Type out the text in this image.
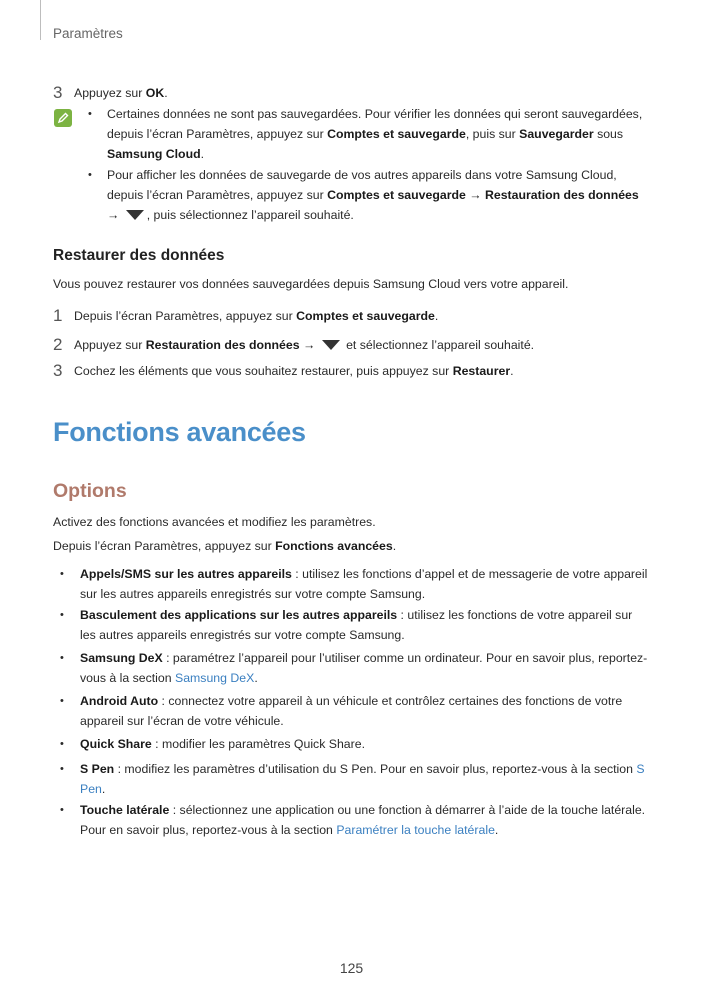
Paramètres
3 Appuyez sur OK.
• Certaines données ne sont pas sauvegardées. Pour vérifier les données qui seront sauvegardées, depuis l’écran Paramètres, appuyez sur Comptes et sauvegarde, puis sur Sauvegarder sous Samsung Cloud.
• Pour afficher les données de sauvegarde de vos autres appareils dans votre Samsung Cloud, depuis l’écran Paramètres, appuyez sur Comptes et sauvegarde → Restauration des données → , puis sélectionnez l’appareil souhaité.
Restaurer des données
Vous pouvez restaurer vos données sauvegardées depuis Samsung Cloud vers votre appareil.
1 Depuis l’écran Paramètres, appuyez sur Comptes et sauvegarde.
2 Appuyez sur Restauration des données →  et sélectionnez l’appareil souhaité.
3 Cochez les éléments que vous souhaitez restaurer, puis appuyez sur Restaurer.
Fonctions avancées
Options
Activez des fonctions avancées et modifiez les paramètres.
Depuis l’écran Paramètres, appuyez sur Fonctions avancées.
• Appels/SMS sur les autres appareils : utilisez les fonctions d’appel et de messagerie de votre appareil sur les autres appareils enregistrés sur votre compte Samsung.
• Basculement des applications sur les autres appareils : utilisez les fonctions de votre appareil sur les autres appareils enregistrés sur votre compte Samsung.
• Samsung DeX : paramétrez l’appareil pour l’utiliser comme un ordinateur. Pour en savoir plus, reportez-vous à la section Samsung DeX.
• Android Auto : connectez votre appareil à un véhicule et contrôlez certaines des fonctions de votre appareil sur l’écran de votre véhicule.
• Quick Share : modifier les paramètres Quick Share.
• S Pen : modifiez les paramètres d’utilisation du S Pen. Pour en savoir plus, reportez-vous à la section S Pen.
• Touche latérale : sélectionnez une application ou une fonction à démarrer à l’aide de la touche latérale. Pour en savoir plus, reportez-vous à la section Paramétrer la touche latérale.
125
